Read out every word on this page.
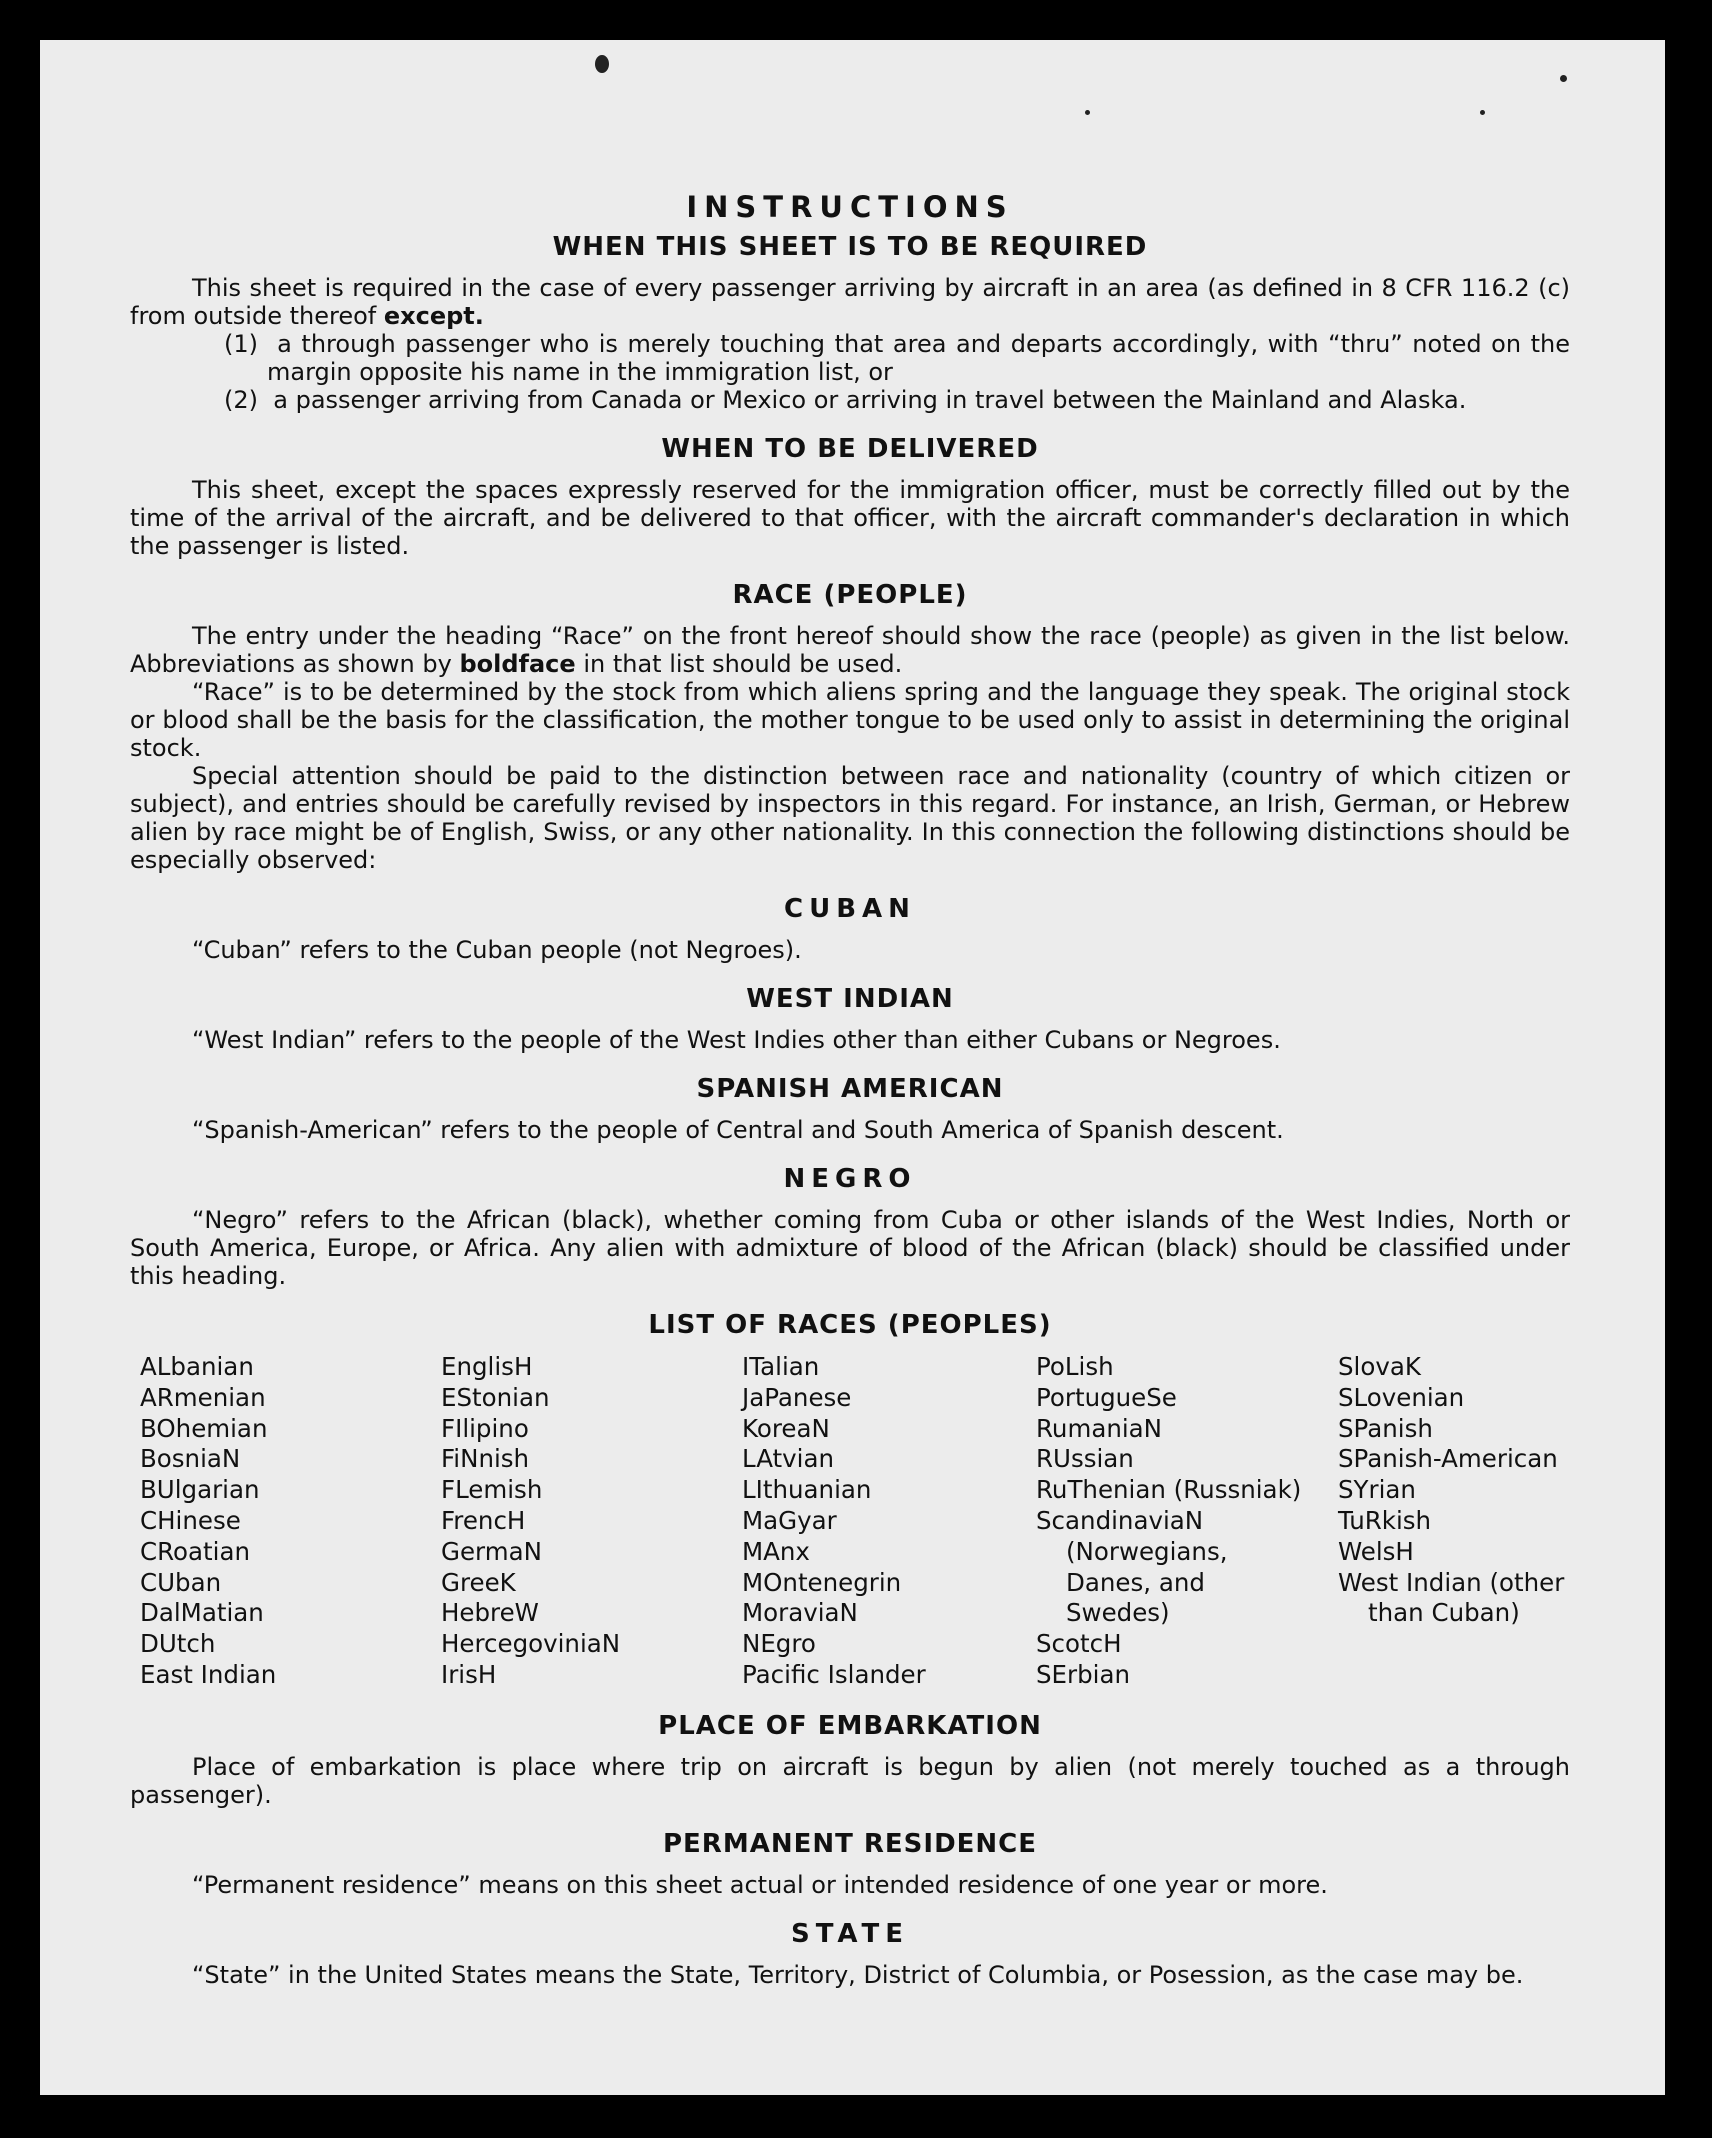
INSTRUCTIONS
WHEN THIS SHEET IS TO BE REQUIRED

This sheet is required in the case of every passenger arriving by aircraft in an area (as defined in 8 CFR 116.2 (c) from outside thereof except.

(1) a through passenger who is merely touching that area and departs accordingly, with “thru” noted on the margin opposite his name in the immigration list, or

(2) a passenger arriving from Canada or Mexico or arriving in travel between the Mainland and Alaska.

WHEN TO BE DELIVERED

This sheet, except the spaces expressly reserved for the immigration officer, must be correctly filled out by the time of the arrival of the aircraft, and be delivered to that officer, with the aircraft commander's declaration in which the passenger is listed.

RACE (PEOPLE)

The entry under the heading “Race” on the front hereof should show the race (people) as given in the list below. Abbreviations as shown by boldface in that list should be used.

“Race” is to be determined by the stock from which aliens spring and the language they speak. The original stock or blood shall be the basis for the classification, the mother tongue to be used only to assist in determining the original stock.

Special attention should be paid to the distinction between race and nationality (country of which citizen or subject), and entries should be carefully revised by inspectors in this regard. For instance, an Irish, German, or Hebrew alien by race might be of English, Swiss, or any other nationality. In this connection the following distinctions should be especially observed:

CUBAN

“Cuban” refers to the Cuban people (not Negroes).

WEST INDIAN

“West Indian” refers to the people of the West Indies other than either Cubans or Negroes.

SPANISH AMERICAN

“Spanish-American” refers to the people of Central and South America of Spanish descent.

NEGRO

“Negro” refers to the African (black), whether coming from Cuba or other islands of the West Indies, North or South America, Europe, or Africa. Any alien with admixture of blood of the African (black) should be classified under this heading.

LIST OF RACES (PEOPLES)
ALbanian
ARmenian
BOhemian
BosniaN
BUlgarian
CHinese
CRoatian
CUban
DalMatian
DUtch
East Indian
EnglisH
EStonian
FIlipino
FiNnish
FLemish
FrencH
GermaN
GreeK
HebreW
HercegoviniaN
IrisH
ITalian
JaPanese
KoreaN
LAtvian
LIthuanian
MaGyar
MAnx
MOntenegrin
MoraviaN
NEgro
Pacific Islander
PoLish
PortugueSe
RumaniaN
RUssian
RuThenian (Russniak)
ScandinaviaN
(Norwegians,
Danes, and
Swedes)
ScotcH
SErbian
SlovaK
SLovenian
SPanish
SPanish-American
SYrian
TuRkish
WelsH
West Indian (other
than Cuban)
PLACE OF EMBARKATION

Place of embarkation is place where trip on aircraft is begun by alien (not merely touched as a through passenger).

PERMANENT RESIDENCE

“Permanent residence” means on this sheet actual or intended residence of one year or more.

STATE

“State” in the United States means the State, Territory, District of Columbia, or Posession, as the case may be.
